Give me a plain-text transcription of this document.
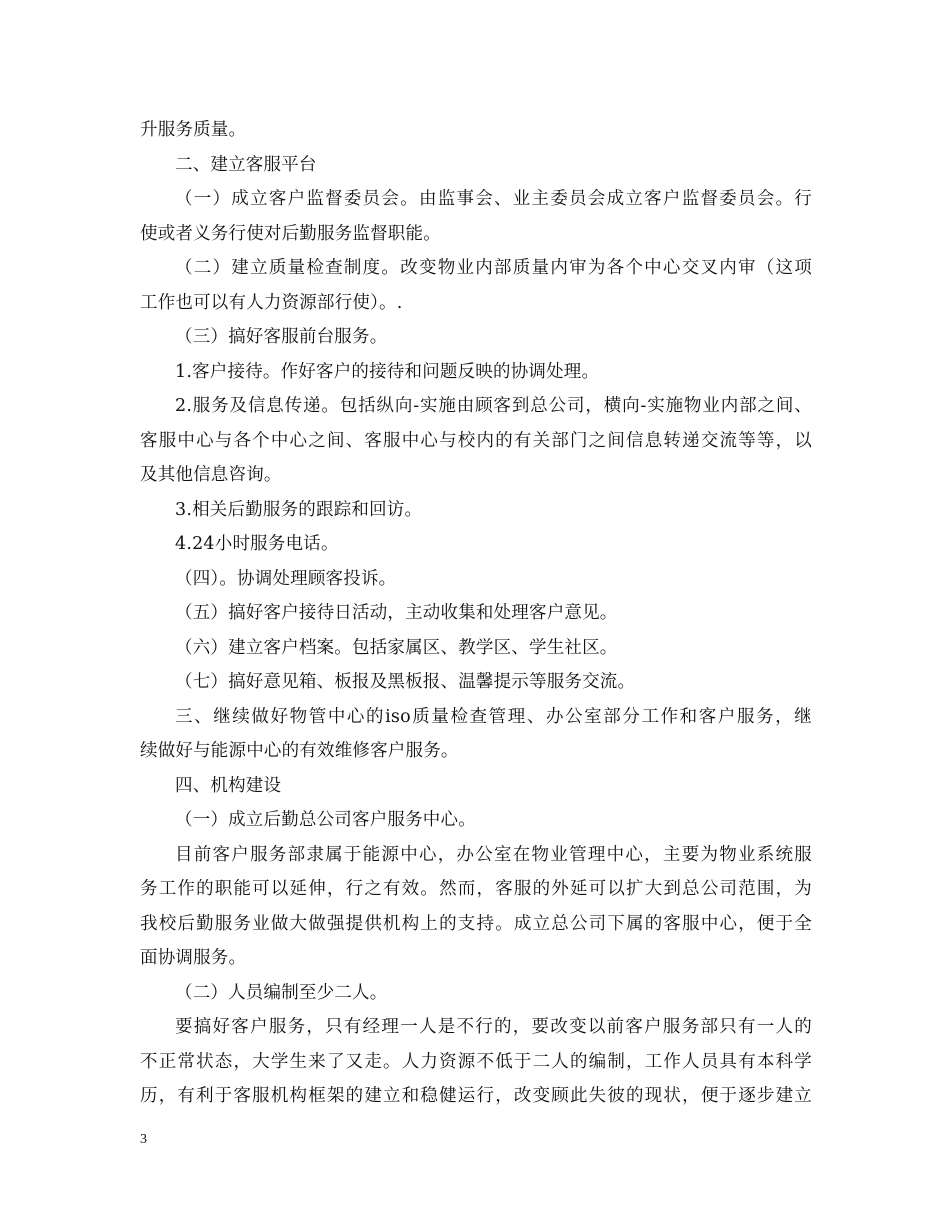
升服务质量。
二、建立客服平台
（一）成立客户监督委员会。由监事会、业主委员会成立客户监督委员会。行
使或者义务行使对后勤服务监督职能。
（二）建立质量检查制度。改变物业内部质量内审为各个中心交叉内审（这项
工作也可以有人力资源部行使）。.
（三）搞好客服前台服务。
1.客户接待。作好客户的接待和问题反映的协调处理。
2.服务及信息传递。包括纵向-实施由顾客到总公司，横向-实施物业内部之间、
客服中心与各个中心之间、客服中心与校内的有关部门之间信息转递交流等等，以
及其他信息咨询。
3.相关后勤服务的跟踪和回访。
4.24小时服务电话。
（四）。协调处理顾客投诉。
（五）搞好客户接待日活动，主动收集和处理客户意见。
（六）建立客户档案。包括家属区、教学区、学生社区。
（七）搞好意见箱、板报及黑板报、温馨提示等服务交流。
三、继续做好物管中心的iso质量检查管理、办公室部分工作和客户服务，继
续做好与能源中心的有效维修客户服务。
四、机构建设
（一）成立后勤总公司客户服务中心。
目前客户服务部隶属于能源中心，办公室在物业管理中心，主要为物业系统服
务工作的职能可以延伸，行之有效。然而，客服的外延可以扩大到总公司范围，为
我校后勤服务业做大做强提供机构上的支持。成立总公司下属的客服中心，便于全
面协调服务。
（二）人员编制至少二人。
要搞好客户服务，只有经理一人是不行的，要改变以前客户服务部只有一人的
不正常状态，大学生来了又走。人力资源不低于二人的编制，工作人员具有本科学
历，有利于客服机构框架的建立和稳健运行，改变顾此失彼的现状，便于逐步建立
3
